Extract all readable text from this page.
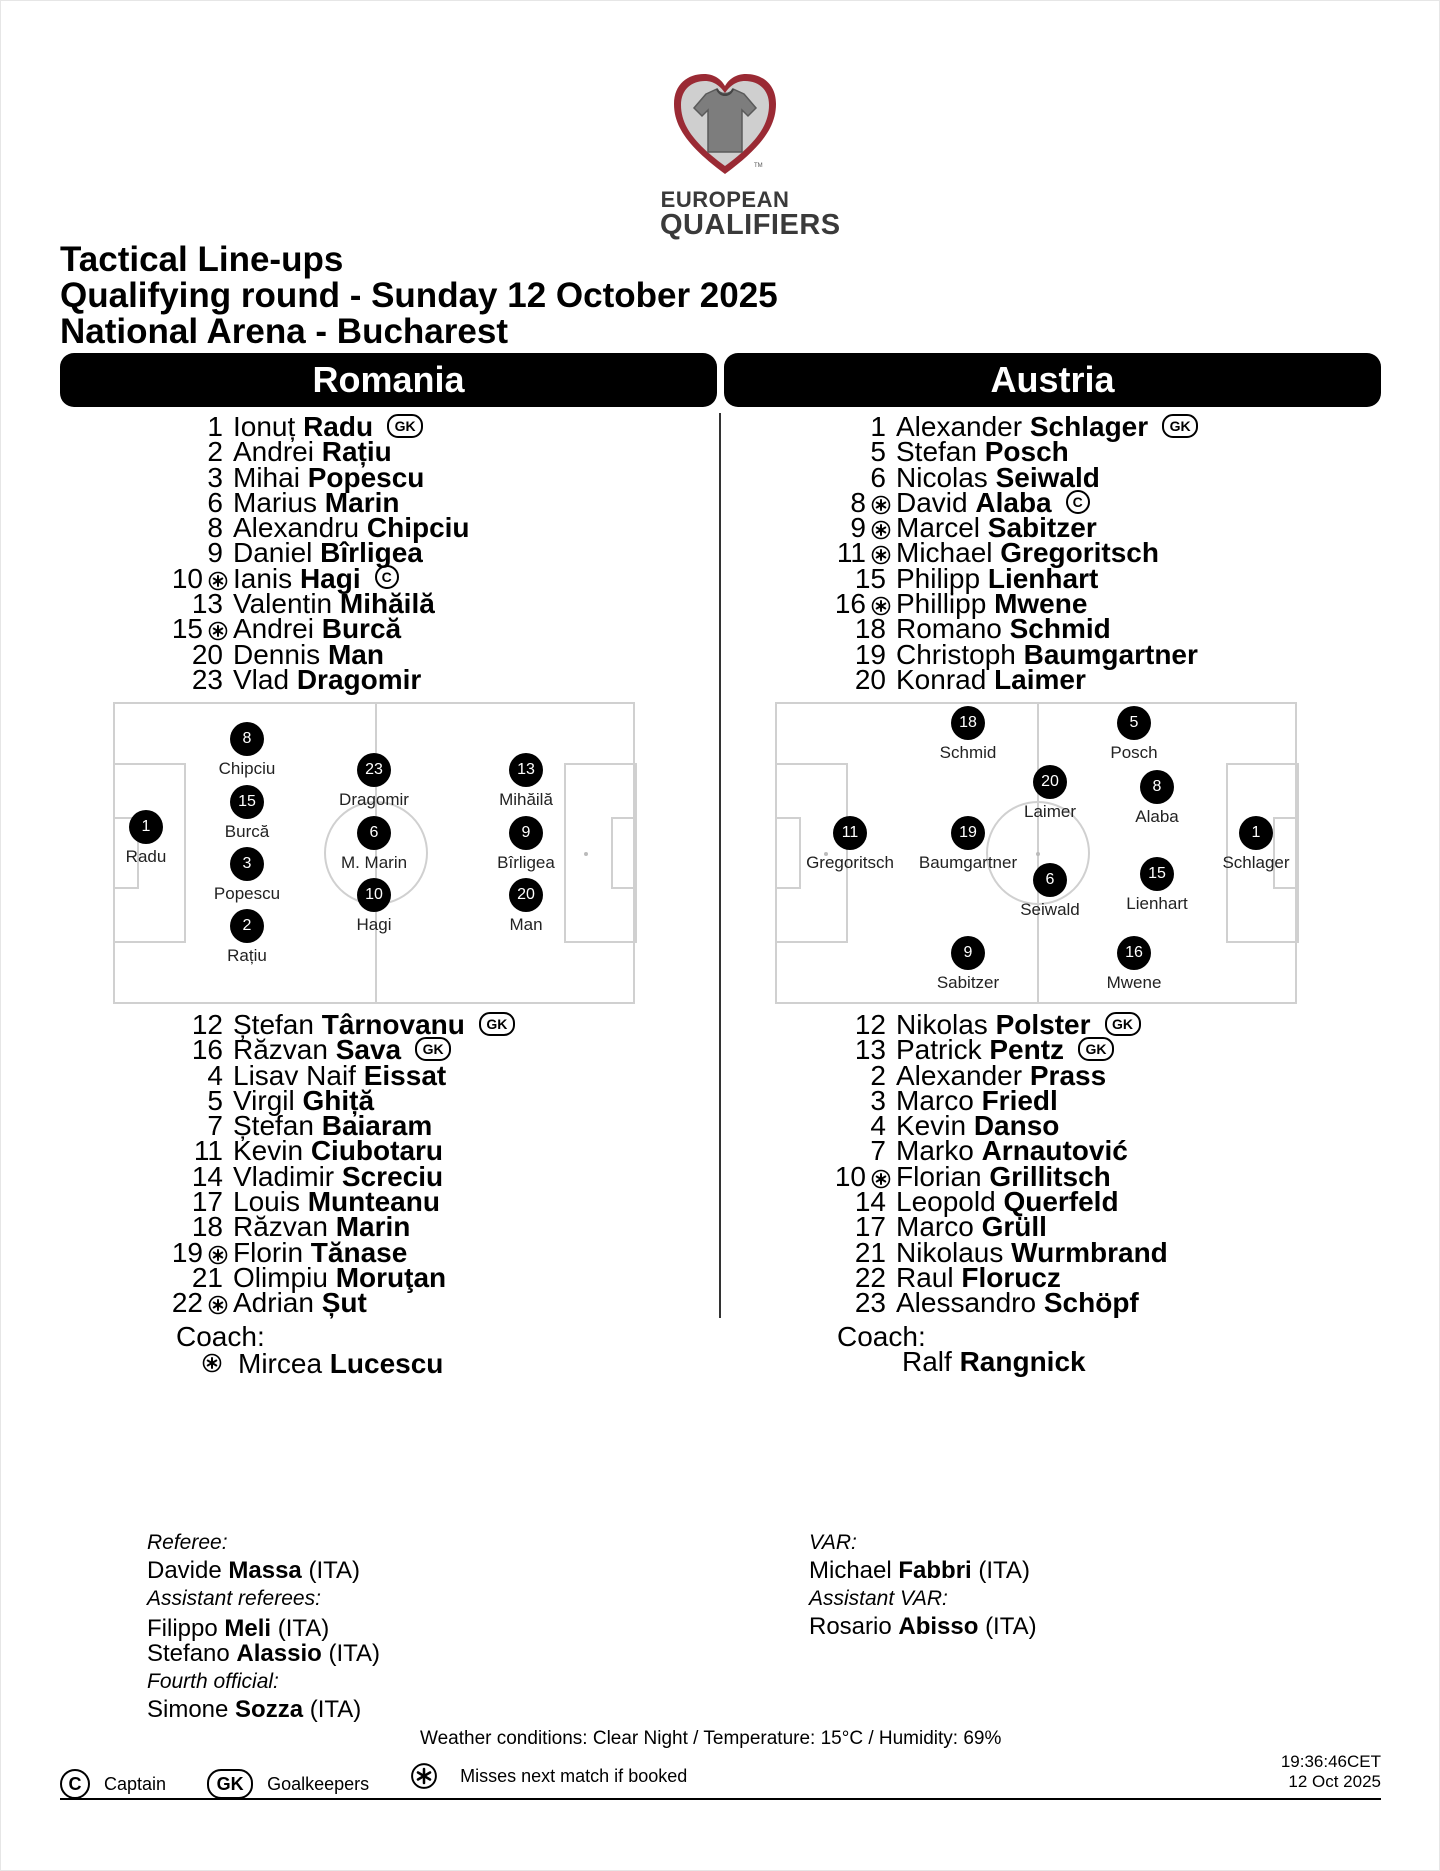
TM
EUROPEAN
QUALIFIERS
Tactical Line-ups
Qualifying round - Sunday 12 October 2025
National Arena - Bucharest
Romania	Austria
1 Ionuț Radu GK
2 Andrei Rațiu
3 Mihai Popescu
6 Marius Marin
8 Alexandru Chipciu
9 Daniel Bîrligea
10 Ianis Hagi C
13 Valentin Mihăilă
15 Andrei Burcă
20 Dennis Man
23 Vlad Dragomir
1 Alexander Schlager GK
5 Stefan Posch
6 Nicolas Seiwald
8 David Alaba C
9 Marcel Sabitzer
11 Michael Gregoritsch
15 Philipp Lienhart
16 Phillipp Mwene
18 Romano Schmid
19 Christoph Baumgartner
20 Konrad Laimer
1
Radu
8
Chipciu
15
Burcă
3
Popescu
2
Rațiu
23
Dragomir
6
M. Marin
10
Hagi
13
Mihăilă
9
Bîrligea
20
Man
18
Schmid
5
Posch
20
Laimer
8
Alaba
11
Gregoritsch
19
Baumgartner
1
Schlager
6
Seiwald
15
Lienhart
9
Sabitzer
16
Mwene
12 Ștefan Târnovanu GK
16 Răzvan Sava GK
4 Lisav Naif Eissat
5 Virgil Ghiță
7 Ștefan Baiaram
11 Kevin Ciubotaru
14 Vladimir Screciu
17 Louis Munteanu
18 Răzvan Marin
19 Florin Tănase
21 Olimpiu Moruţan
22 Adrian Șut
12 Nikolas Polster GK
13 Patrick Pentz GK
2 Alexander Prass
3 Marco Friedl
4 Kevin Danso
7 Marko Arnautović
10 Florian Grillitsch
14 Leopold Querfeld
17 Marco Grüll
21 Nikolaus Wurmbrand
22 Raul Florucz
23 Alessandro Schöpf
Coach:
Mircea Lucescu
Coach:
Ralf Rangnick
Referee:
Davide Massa (ITA)
Assistant referees:
Filippo Meli (ITA)
Stefano Alassio (ITA)
Fourth official:
Simone Sozza (ITA)
VAR:
Michael Fabbri (ITA)
Assistant VAR:
Rosario Abisso (ITA)
Weather conditions: Clear Night / Temperature: 15°C / Humidity: 69%
C	Captain
	GK	Goalkeepers
	Misses next match if booked
19:36:46CET
12 Oct 2025
